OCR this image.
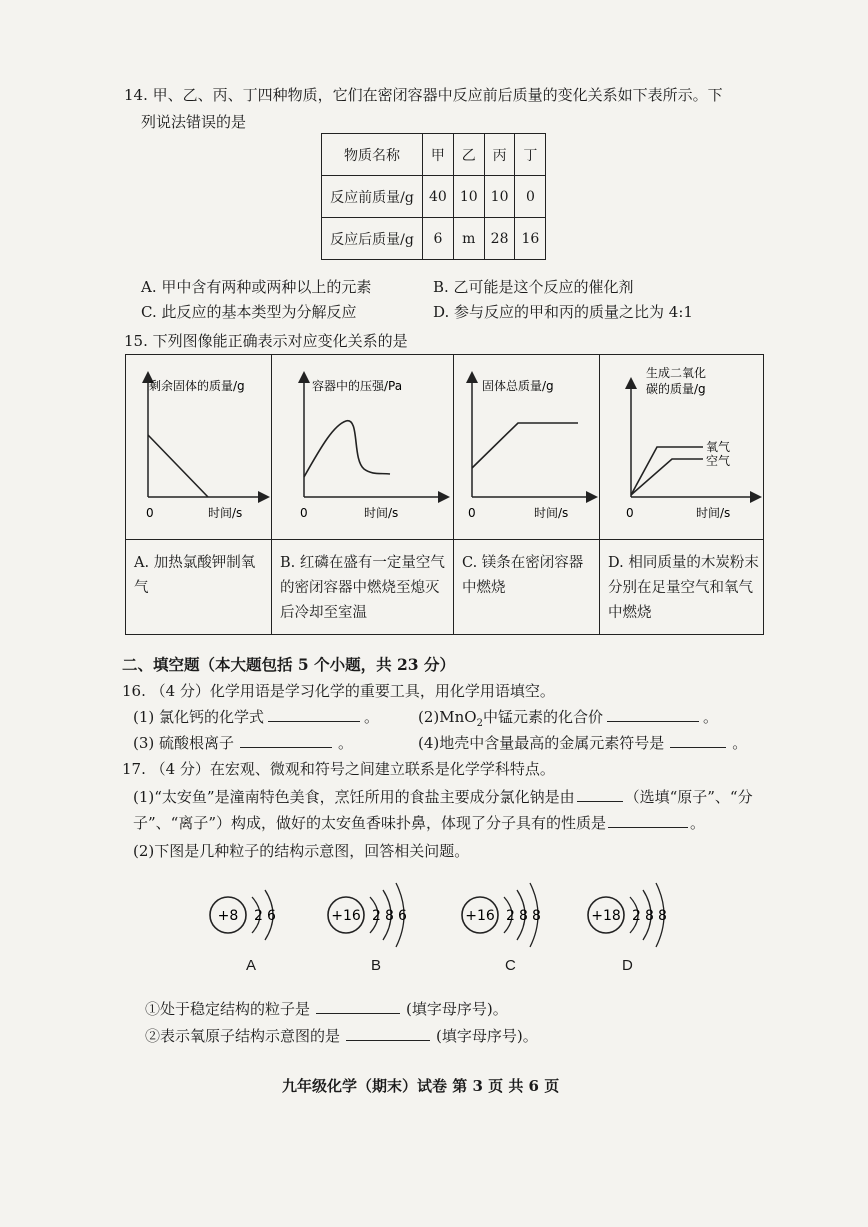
14. 甲、乙、丙、丁四种物质，它们在密闭容器中反应前后质量的变化关系如下表所示。下
列说法错误的是
物质名称	甲	乙	丙	丁
反应前质量/g	40	10	10	0
反应后质量/g	6	m	28	16
A. 甲中含有两种或两种以上的元素	B. 乙可能是这个反应的催化剂
C. 此反应的基本类型为分解反应	D. 参与反应的甲和丙的质量之比为 4:1
15. 下列图像能正确表示对应变化关系的是
剩余固体的质量/g
0	时间/s
容器中的压强/Pa
0	时间/s
固体总质量/g
0	时间/s
生成二氧化
碳的质量/g
氧气
空气
0	时间/s
A. 加热氯酸钾制氧气
B. 红磷在盛有一定量空气的密闭容器中燃烧至熄灭后冷却至室温
C. 镁条在密闭容器中燃烧
D. 相同质量的木炭粉末分别在足量空气和氧气中燃烧
二、填空题（本大题包括 5 个小题，共 23 分）
16. （4 分）化学用语是学习化学的重要工具，用化学用语填空。
(1) 氯化钙的化学式	。	(2)MnO$_2$中锰元素的化合价	。
(3) 硫酸根离子	。	(4)地壳中含量最高的金属元素符号是	。
17. （4 分）在宏观、微观和符号之间建立联系是化学学科特点。
(1)“太安鱼”是潼南特色美食，烹饪所用的食盐主要成分氯化钠是由	（选填“原子”、“分
子”、“离子”）构成，做好的太安鱼香味扑鼻，体现了分子具有的性质是	。
(2)下图是几种粒子的结构示意图，回答相关问题。
+8 2 6
A
+16 2 8 6
B
+16 2 8 8
C
+18 2 8 8
D
①处于稳定结构的粒子是	(填字母序号)。
②表示氧原子结构示意图的是	(填字母序号)。
九年级化学（期末）试卷 第 3 页 共 6 页
